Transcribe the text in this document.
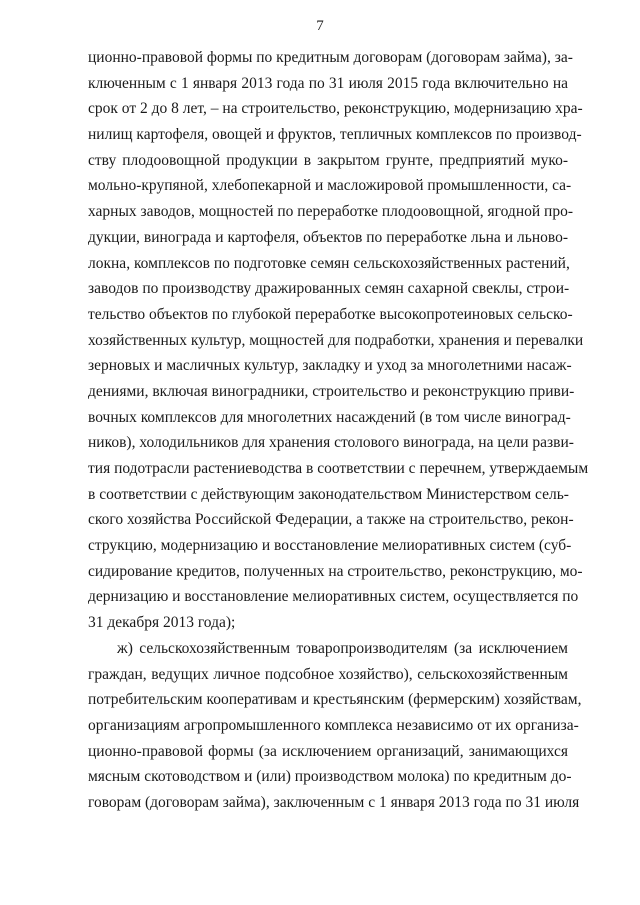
7
ционно-правовой формы по кредитным договорам (договорам займа), за-
ключенным с 1 января 2013 года по 31 июля 2015 года включительно на
срок от 2 до 8 лет, – на строительство, реконструкцию, модернизацию хра-
нилищ картофеля, овощей и фруктов, тепличных комплексов по производ-
ству плодоовощной продукции в закрытом грунте, предприятий муко-
мольно-крупяной, хлебопекарной и масложировой промышленности, са-
харных заводов, мощностей по переработке плодоовощной, ягодной про-
дукции, винограда и картофеля, объектов по переработке льна и льново-
локна, комплексов по подготовке семян сельскохозяйственных растений,
заводов по производству дражированных семян сахарной свеклы, строи-
тельство объектов по глубокой переработке высокопротеиновых сельско-
хозяйственных культур, мощностей для подработки, хранения и перевалки
зерновых и масличных культур, закладку и уход за многолетними насаж-
дениями, включая виноградники, строительство и реконструкцию приви-
вочных комплексов для многолетних насаждений (в том числе виноград-
ников), холодильников для хранения столового винограда, на цели разви-
тия подотрасли растениеводства в соответствии с перечнем, утверждаемым
в соответствии с действующим законодательством Министерством сель-
ского хозяйства Российской Федерации, а также на строительство, рекон-
струкцию, модернизацию и восстановление мелиоративных систем (суб-
сидирование кредитов, полученных на строительство, реконструкцию, мо-
дернизацию и восстановление мелиоративных систем, осуществляется по
31 декабря 2013 года);
ж) сельскохозяйственным товаропроизводителям (за исключением
граждан, ведущих личное подсобное хозяйство), сельскохозяйственным
потребительским кооперативам и крестьянским (фермерским) хозяйствам,
организациям агропромышленного комплекса независимо от их организа-
ционно-правовой формы (за исключением организаций, занимающихся
мясным скотоводством и (или) производством молока) по кредитным до-
говорам (договорам займа), заключенным с 1 января 2013 года по 31 июля
